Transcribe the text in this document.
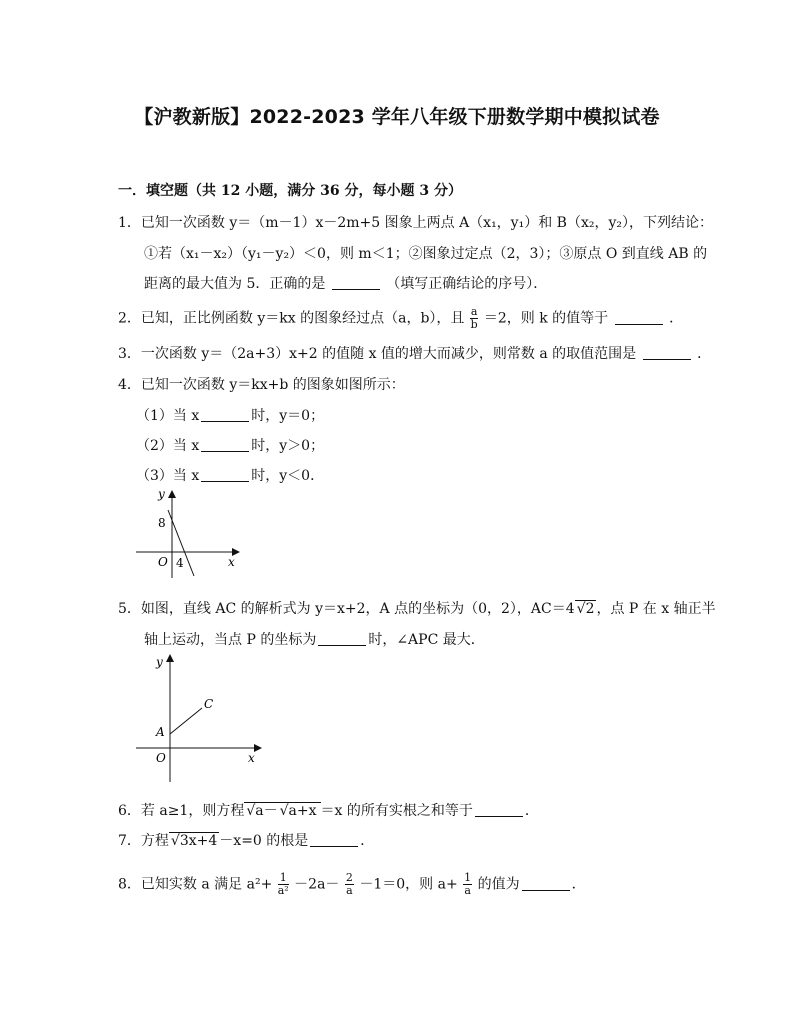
【沪教新版】2022-2023 学年八年级下册数学期中模拟试卷
一．填空题（共 12 小题，满分 36 分，每小题 3 分）
1．已知一次函数 y＝（m－1）x－2m+5 图象上两点 A（x₁，y₁）和 B（x₂，y₂），下列结论：
①若（x₁－x₂）（y₁－y₂）＜0，则 m＜1；②图象过定点（2，3）；③原点 O 到直线 AB 的
距离的最大值为 5．正确的是	（填写正确结论的序号）．
2．已知，正比例函数 y＝kx 的图象经过点（a，b），且 $\frac{a}{b} =2$，则 k 的值等于	．
3．一次函数 y＝（2a+3）x+2 的值随 x 值的增大而减少，则常数 a 的取值范围是	．
4．已知一次函数 y＝kx+b 的图象如图所示：
（1）当 x	时，y＝0；
（2）当 x	时，y＞0；
（3）当 x	时，y＜0．
y
x
O
8
4
5．如图，直线 AC 的解析式为 y＝x+2，A 点的坐标为（0，2），AC＝4 √2 ，点 P 在 x 轴正半
轴上运动，当点 P 的坐标为	时，∠APC 最大．
y
x
O
A
C
6．若 a≥1，则方程 √a－ √a+x ＝x 的所有实根之和等于	．
7．方程 √3x+4 －x=0 的根是	．
8．已知实数 a 满足 $a^2+ \frac{1}{\text{a²}} -2a- \frac{2}{a} -1=0$，则 $a+ \frac{1}{a}$ 的值为	．
